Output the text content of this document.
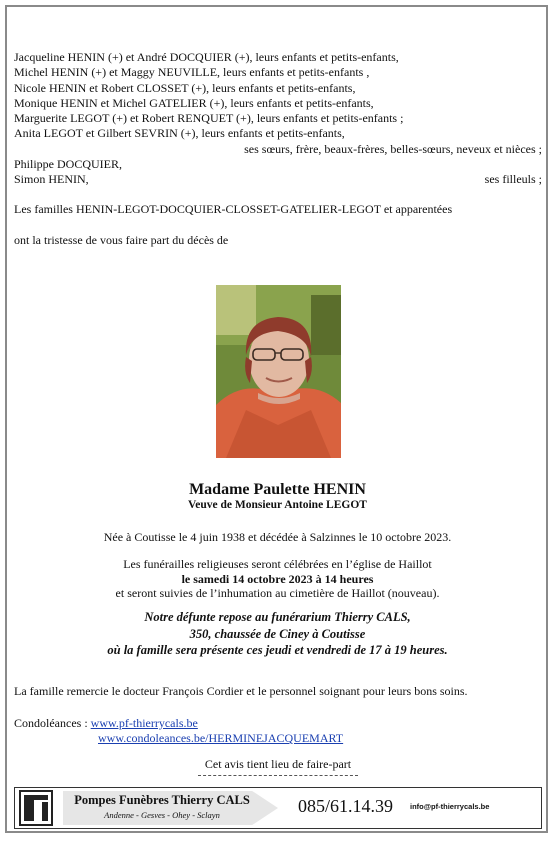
Jacqueline HENIN (+) et André DOCQUIER (+), leurs enfants et petits-enfants,
Michel HENIN (+) et Maggy NEUVILLE, leurs enfants et petits-enfants ,
Nicole HENIN et Robert CLOSSET (+), leurs enfants et petits-enfants,
Monique HENIN et Michel GATELIER (+), leurs enfants et petits-enfants,
Marguerite LEGOT (+) et Robert RENQUET (+), leurs enfants et petits-enfants ;
Anita LEGOT et Gilbert SEVRIN (+), leurs enfants et petits-enfants,
ses sœurs, frère, beaux-frères, belles-sœurs, neveux et nièces ;
Philippe DOCQUIER,
Simon HENIN,	ses filleuls ;
Les familles HENIN-LEGOT-DOCQUIER-CLOSSET-GATELIER-LEGOT et apparentées
ont la tristesse de vous faire part du décès de
Madame Paulette HENIN
Veuve de Monsieur Antoine LEGOT
Née à Coutisse le 4 juin 1938 et décédée à Salzinnes le 10 octobre 2023.
Les funérailles religieuses seront célébrées en l’église de Haillot
le samedi 14 octobre 2023 à 14 heures
et seront suivies de l’inhumation au cimetière de Haillot (nouveau).
Notre défunte repose au funérarium Thierry CALS,
350, chaussée de Ciney à Coutisse
où la famille sera présente ces jeudi et vendredi de 17 à 19 heures.
La famille remercie le docteur François Cordier et le personnel soignant pour leurs bons soins.
Condoléances : www.pf-thierrycals.be
www.condoleances.be/HERMINEJACQUEMART
Cet avis tient lieu de faire-part
Pompes Funèbres Thierry CALS
Andenne - Gesves - Ohey - Sclayn	085/61.14.39 info@pf-thierrycals.be
